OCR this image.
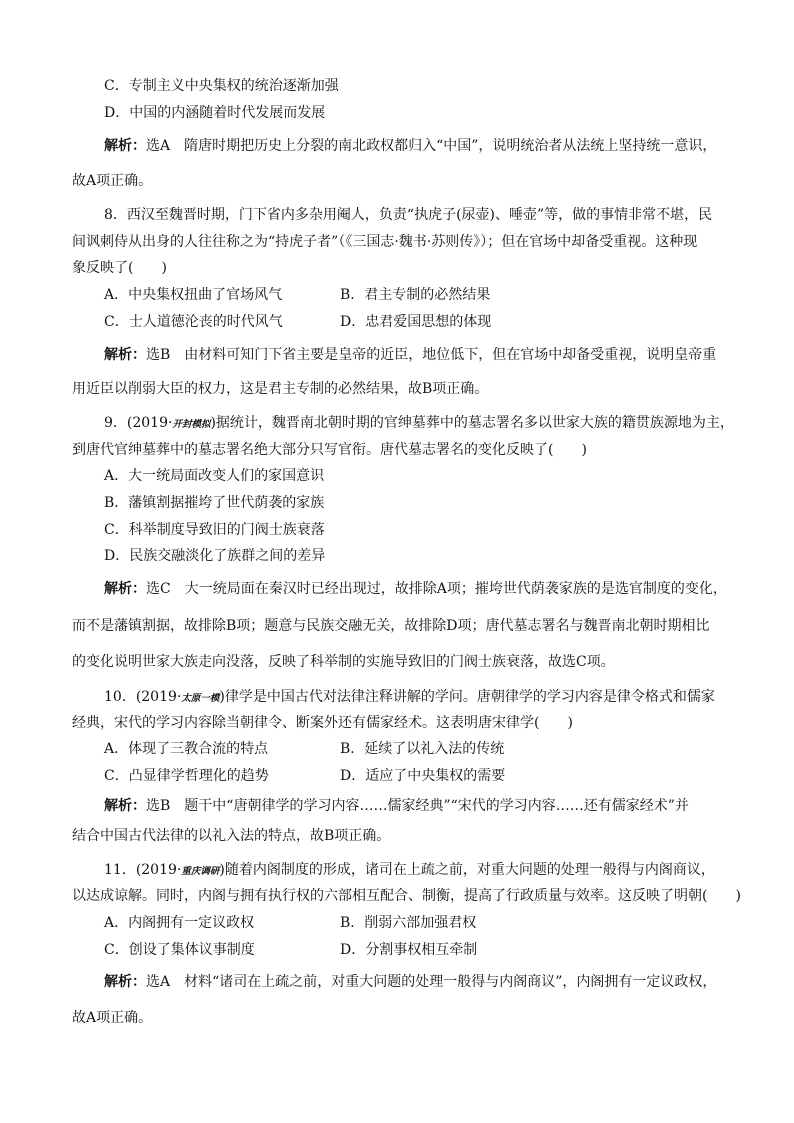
C．专制主义中央集权的统治逐渐加强
D．中国的内涵随着时代发展而发展
解析：选A　隋唐时期把历史上分裂的南北政权都归入“中国”，说明统治者从法统上坚持统一意识，
故A项正确。
8．西汉至魏晋时期，门下省内多杂用阉人，负责“执虎子(尿壶)、唾壶”等，做的事情非常不堪，民
间讽刺侍从出身的人往往称之为“持虎子者”（《三国志·魏书·苏则传》）；但在官场中却备受重视。这种现
象反映了(　　)
A．中央集权扭曲了官场风气	B．君主专制的必然结果
C．士人道德沦丧的时代风气	D．忠君爱国思想的体现
解析：选B　由材料可知门下省主要是皇帝的近臣，地位低下，但在官场中却备受重视，说明皇帝重
用近臣以削弱大臣的权力，这是君主专制的必然结果，故B项正确。
9．(2019·开封模拟)据统计，魏晋南北朝时期的官绅墓葬中的墓志署名多以世家大族的籍贯族源地为主，
到唐代官绅墓葬中的墓志署名绝大部分只写官衔。唐代墓志署名的变化反映了(　　)
A．大一统局面改变人们的家国意识
B．藩镇割据摧垮了世代荫袭的家族
C．科举制度导致旧的门阀士族衰落
D．民族交融淡化了族群之间的差异
解析：选C　大一统局面在秦汉时已经出现过，故排除A项；摧垮世代荫袭家族的是选官制度的变化，
而不是藩镇割据，故排除B项；题意与民族交融无关，故排除D项；唐代墓志署名与魏晋南北朝时期相比
的变化说明世家大族走向没落，反映了科举制的实施导致旧的门阀士族衰落，故选C项。
10．(2019·太原一模)律学是中国古代对法律注释讲解的学问。唐朝律学的学习内容是律令格式和儒家
经典，宋代的学习内容除当朝律令、断案外还有儒家经术。这表明唐宋律学(　　)
A．体现了三教合流的特点	B．延续了以礼入法的传统
C．凸显律学哲理化的趋势	D．适应了中央集权的需要
解析：选B　题干中“唐朝律学的学习内容……儒家经典”“宋代的学习内容……还有儒家经术”并
结合中国古代法律的以礼入法的特点，故B项正确。
11．(2019·重庆调研)随着内阁制度的形成，诸司在上疏之前，对重大问题的处理一般得与内阁商议，
以达成谅解。同时，内阁与拥有执行权的六部相互配合、制衡，提高了行政质量与效率。这反映了明朝(　　)
A．内阁拥有一定议政权	B．削弱六部加强君权
C．创设了集体议事制度	D．分割事权相互牵制
解析：选A　材料“诸司在上疏之前，对重大问题的处理一般得与内阁商议”，内阁拥有一定议政权，
故A项正确。
